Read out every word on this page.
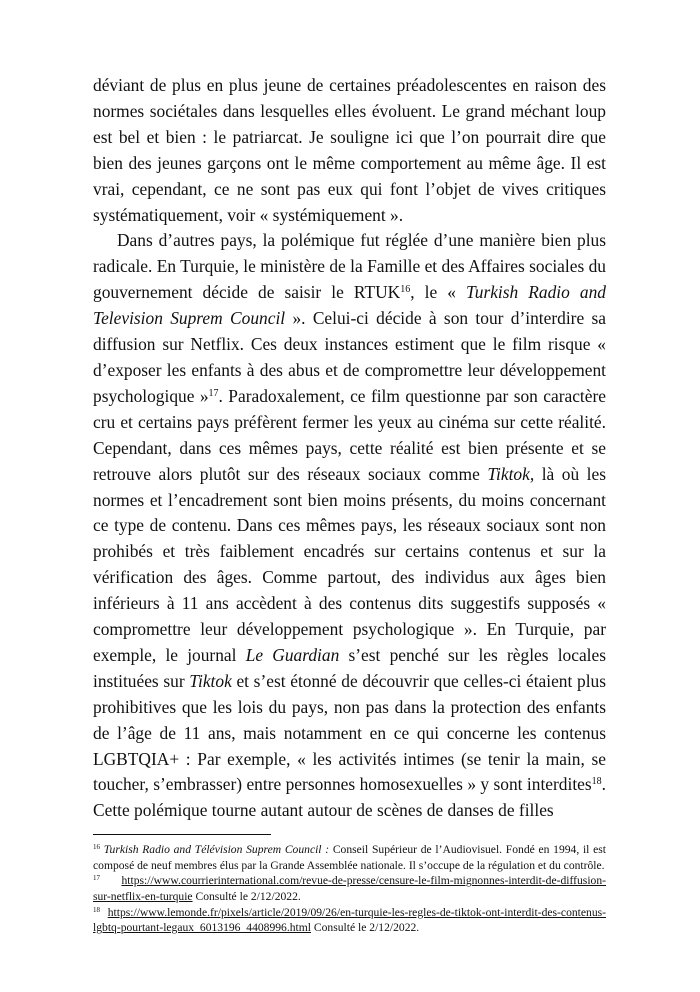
déviant de plus en plus jeune de certaines préadolescentes en raison des normes sociétales dans lesquelles elles évoluent. Le grand méchant loup est bel et bien : le patriarcat. Je souligne ici que l’on pourrait dire que bien des jeunes garçons ont le même comportement au même âge. Il est vrai, cependant, ce ne sont pas eux qui font l’objet de vives critiques systématiquement, voir « systémiquement ».

Dans d’autres pays, la polémique fut réglée d’une manière bien plus radicale. En Turquie, le ministère de la Famille et des Affaires sociales du gouvernement décide de saisir le RTUK$^{16}$, le « Turkish Radio and Television Suprem Council ». Celui-ci décide à son tour d’interdire sa diffusion sur Netflix. Ces deux instances estiment que le film risque « d’exposer les enfants à des abus et de compromettre leur développement psychologique »$^{17}$. Paradoxalement, ce film questionne par son caractère cru et certains pays préfèrent fermer les yeux au cinéma sur cette réalité. Cependant, dans ces mêmes pays, cette réalité est bien présente et se retrouve alors plutôt sur des réseaux sociaux comme Tiktok, là où les normes et l’encadrement sont bien moins présents, du moins concernant ce type de contenu. Dans ces mêmes pays, les réseaux sociaux sont non prohibés et très faiblement encadrés sur certains contenus et sur la vérification des âges. Comme partout, des individus aux âges bien inférieurs à 11 ans accèdent à des contenus dits suggestifs supposés « compromettre leur développement psychologique ». En Turquie, par exemple, le journal Le Guardian s’est penché sur les règles locales instituées sur Tiktok et s’est étonné de découvrir que celles-ci étaient plus prohibitives que les lois du pays, non pas dans la protection des enfants de l’âge de 11 ans, mais notamment en ce qui concerne les contenus LGBTQIA+ : Par exemple, « les activités intimes (se tenir la main, se toucher, s’embrasser) entre personnes homosexuelles » y sont interdites$^{18}$. Cette polémique tourne autant autour de scènes de danses de filles

$^{16}$ Turkish Radio and Télévision Suprem Council : Conseil Supérieur de l’Audiovisuel. Fondé en 1994, il est composé de neuf membres élus par la Grande Assemblée nationale. Il s’occupe de la régulation et du contrôle.

$^{17}$ https://www.courrierinternational.com/revue-de-presse/censure-le-film-mignonnes-interdit-de-diffusion-sur-netflix-en-turquie Consulté le 2/12/2022.

$^{18}$ https://www.lemonde.fr/pixels/article/2019/09/26/en-turquie-les-regles-de-tiktok-ont-interdit-des-contenus-lgbtq-pourtant-legaux_6013196_4408996.html Consulté le 2/12/2022.
